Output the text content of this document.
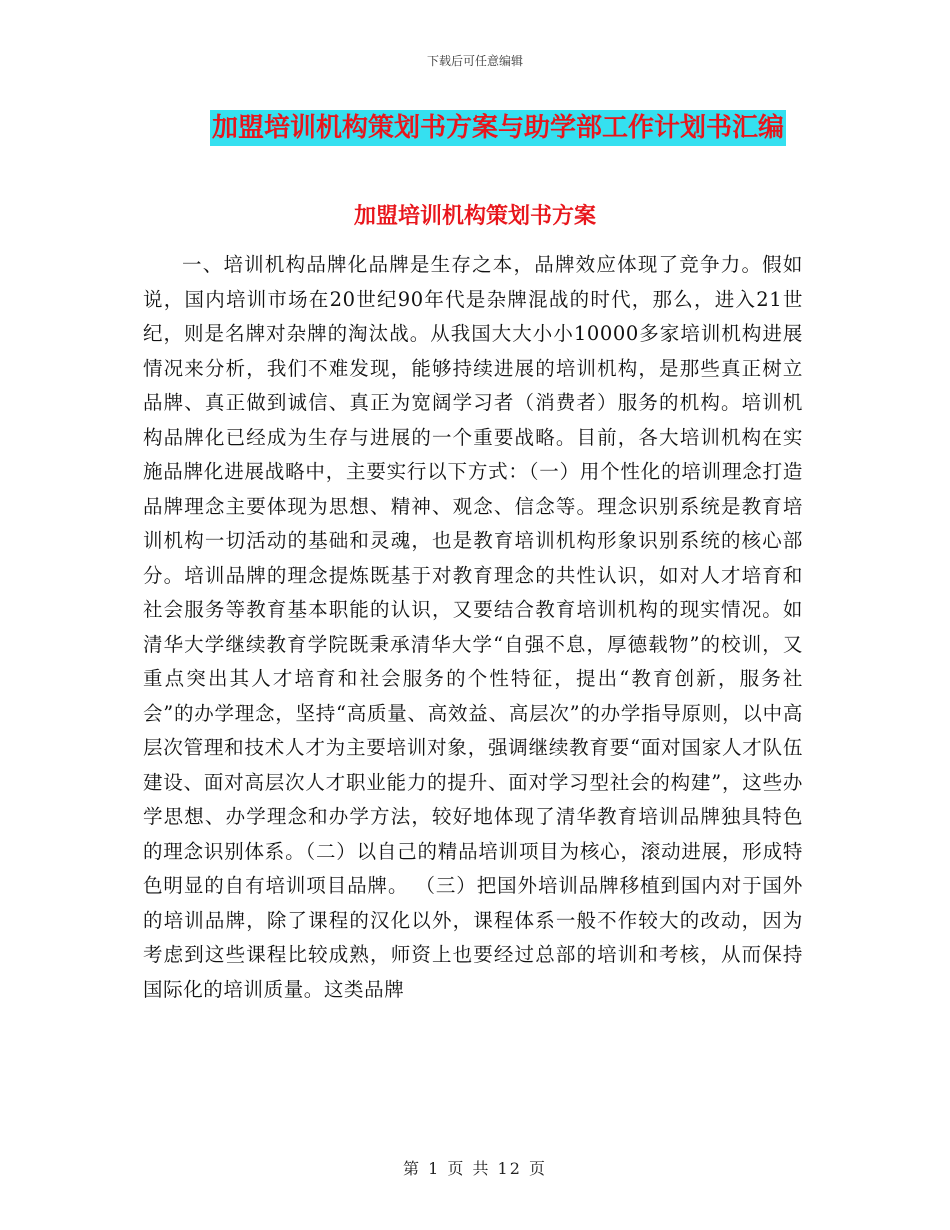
下载后可任意编辑
加盟培训机构策划书方案与助学部工作计划书汇编
加盟培训机构策划书方案

一、培训机构品牌化品牌是生存之本，品牌效应体现了竞争力。假如说，国内培训市场在20世纪90年代是杂牌混战的时代，那么，进入21世纪，则是名牌对杂牌的淘汰战。从我国大大小小10000多家培训机构进展情况来分析，我们不难发现，能够持续进展的培训机构，是那些真正树立品牌、真正做到诚信、真正为宽阔学习者（消费者）服务的机构。培训机构品牌化已经成为生存与进展的一个重要战略。目前，各大培训机构在实施品牌化进展战略中，主要实行以下方式：（一）用个性化的培训理念打造品牌理念主要体现为思想、精神、观念、信念等。理念识别系统是教育培训机构一切活动的基础和灵魂，也是教育培训机构形象识别系统的核心部分。培训品牌的理念提炼既基于对教育理念的共性认识，如对人才培育和社会服务等教育基本职能的认识，又要结合教育培训机构的现实情况。如清华大学继续教育学院既秉承清华大学“自强不息，厚德载物”的校训，又重点突出其人才培育和社会服务的个性特征，提出“教育创新，服务社会”的办学理念，坚持“高质量、高效益、高层次”的办学指导原则，以中高层次管理和技术人才为主要培训对象，强调继续教育要“面对国家人才队伍建设、面对高层次人才职业能力的提升、面对学习型社会的构建”，这些办学思想、办学理念和办学方法，较好地体现了清华教育培训品牌独具特色的理念识别体系。（二）以自己的精品培训项目为核心，滚动进展，形成特色明显的自有培训项目品牌。 （三）把国外培训品牌移植到国内对于国外的培训品牌，除了课程的汉化以外，课程体系一般不作较大的改动，因为考虑到这些课程比较成熟，师资上也要经过总部的培训和考核，从而保持国际化的培训质量。这类品牌

第 1 页 共 12 页
